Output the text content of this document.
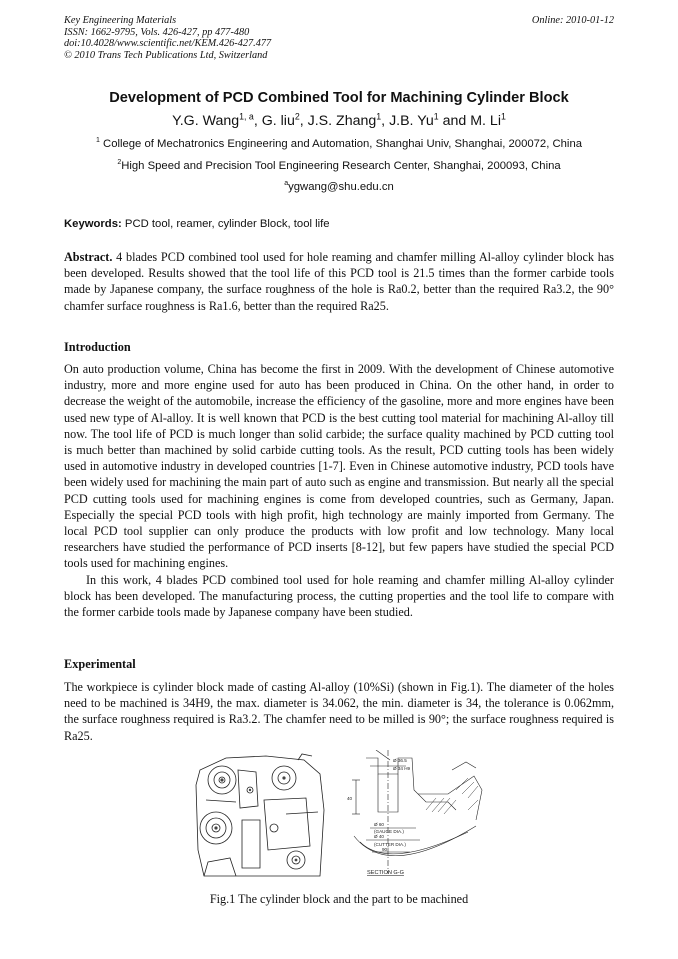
Key Engineering Materials
ISSN: 1662-9795, Vols. 426-427, pp 477-480
doi:10.4028/www.scientific.net/KEM.426-427.477
© 2010 Trans Tech Publications Ltd, Switzerland
Online: 2010-01-12
Development of PCD Combined Tool for Machining Cylinder Block
Y.G. Wang$^{1, a}$, G. liu$^2$, J.S. Zhang$^1$, J.B. Yu$^1$ and M. Li$^1$
$^1$ College of Mechatronics Engineering and Automation, Shanghai Univ, Shanghai, 200072, China
$^2$High Speed and Precision Tool Engineering Research Center, Shanghai, 200093, China
$^a$ygwang@shu.edu.cn
Keywords: PCD tool, reamer, cylinder Block, tool life

Abstract. 4 blades PCD combined tool used for hole reaming and chamfer milling Al-alloy cylinder block has been developed. Results showed that the tool life of this PCD tool is 21.5 times than the former carbide tools made by Japanese company, the surface roughness of the hole is Ra0.2, better than the required Ra3.2, the 90° chamfer surface roughness is Ra1.6, better than the required Ra25.

Introduction

On auto production volume, China has become the first in 2009. With the development of Chinese automotive industry, more and more engine used for auto has been produced in China. On the other hand, in order to decrease the weight of the automobile, increase the efficiency of the gasoline, more and more engines have been used new type of Al-alloy. It is well known that PCD is the best cutting tool material for machining Al-alloy till now. The tool life of PCD is much longer than solid carbide; the surface quality machined by PCD cutting tool is much better than machined by solid carbide cutting tools. As the result, PCD cutting tools has been widely used in automotive industry in developed countries [1-7]. Even in Chinese automotive industry, PCD tools have been widely used for machining the main part of auto such as engine and transmission. But nearly all the special PCD cutting tools used for machining engines is come from developed countries, such as Germany, Japan. Especially the special PCD tools with high profit, high technology are mainly imported from Germany. The local PCD tool supplier can only produce the products with low profit and low technology. Many local researchers have studied the performance of PCD inserts [8-12], but few papers have studied the special PCD tools used for machining engines.

In this work, 4 blades PCD combined tool used for hole reaming and chamfer milling Al-alloy cylinder block has been developed. The manufacturing process, the cutting properties and the tool life to compare with the former carbide tools made by Japanese company have been studied.

Experimental

The workpiece is cylinder block made of casting Al-alloy (10%Si) (shown in Fig.1). The diameter of the holes need to be machined is 34H9, the max. diameter is 34.062, the min. diameter is 34, the tolerance is 0.062mm, the surface roughness required is Ra3.2. The chamfer need to be milled is 90°; the surface roughness required is Ra25.

Ø 36.5
Ø 34 H9
Ø 60
Ø 40
(GAUGE DIA.)
(CUTTER DIA.)
90°
40
SECTION G-G
Fig.1 The cylinder block and the part to be machined
